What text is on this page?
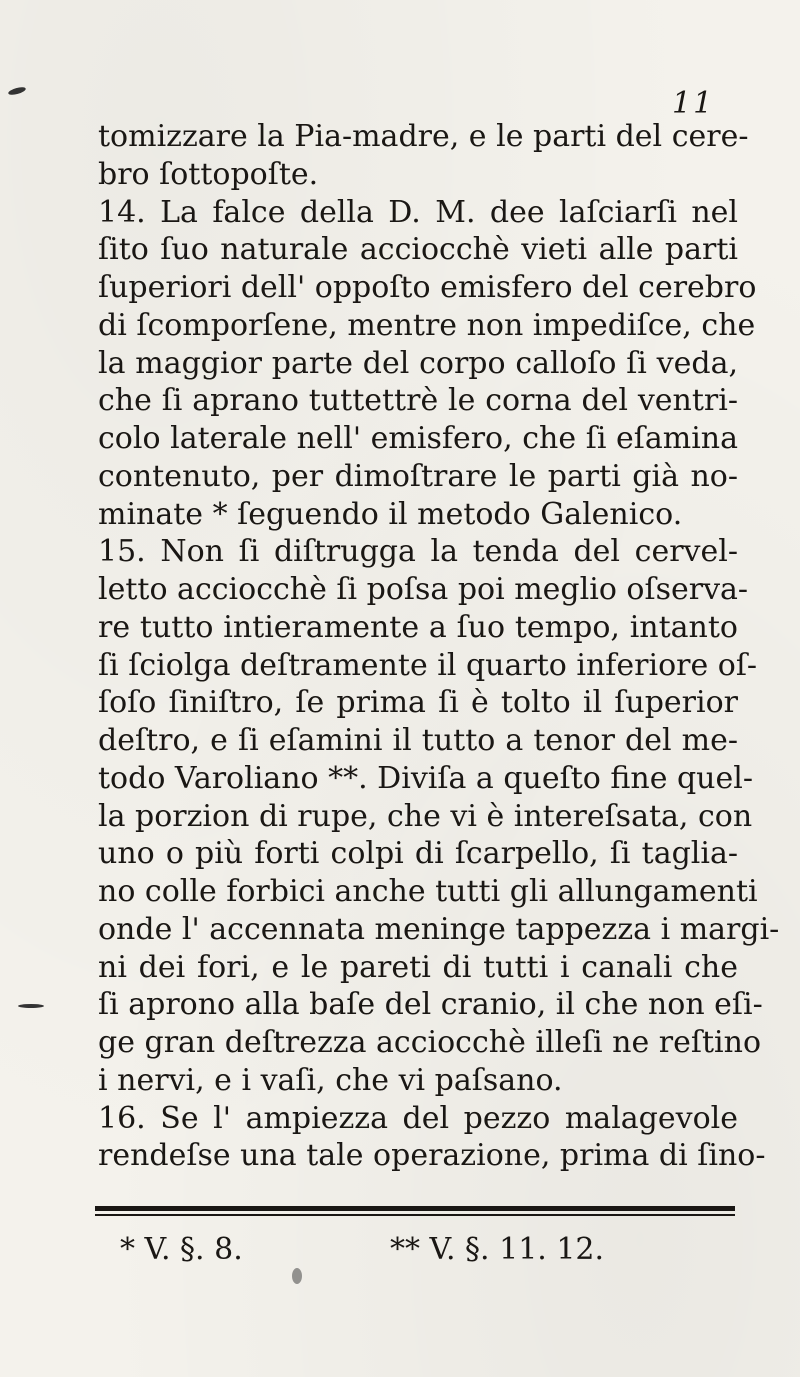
11
tomizzare la Pia-madre, e le parti del cere-
bro ſottopoſte.
14. La falce della D. M. dee laſciarſi nel
ſito ſuo naturale acciocchè vieti alle parti
ſuperiori dell' oppoſto emisfero del cerebro
di ſcomporſene, mentre non impediſce, che
la maggior parte del corpo calloſo ſi veda,
che ſi aprano tuttettrè le corna del ventri-
colo laterale nell' emisfero, che ſi eſamina
contenuto, per dimoſtrare le parti già no-
minate * ſeguendo il metodo Galenico.
15. Non ſi diſtrugga la tenda del cervel-
letto acciocchè ſi poſsa poi meglio oſserva-
re tutto intieramente a ſuo tempo, intanto
ſi ſciolga deſtramente il quarto inferiore oſ-
ſoſo ſiniſtro, ſe prima ſi è tolto il ſuperior
deſtro, e ſi eſamini il tutto a tenor del me-
todo Varoliano **. Diviſa a queſto fine quel-
la porzion di rupe, che vi è intereſsata, con
uno o più forti colpi di ſcarpello, ſi taglia-
no colle forbici anche tutti gli allungamenti
onde l' accennata meninge tappezza i margi-
ni dei fori, e le pareti di tutti i canali che
ſi aprono alla baſe del cranio, il che non eſi-
ge gran deſtrezza acciocchè illeſi ne reſtino
i nervi, e i vaſi, che vi paſsano.
16. Se l' ampiezza del pezzo malagevole
rendeſse una tale operazione, prima di ſino-
* V. §. 8.	** V. §. 11. 12.
